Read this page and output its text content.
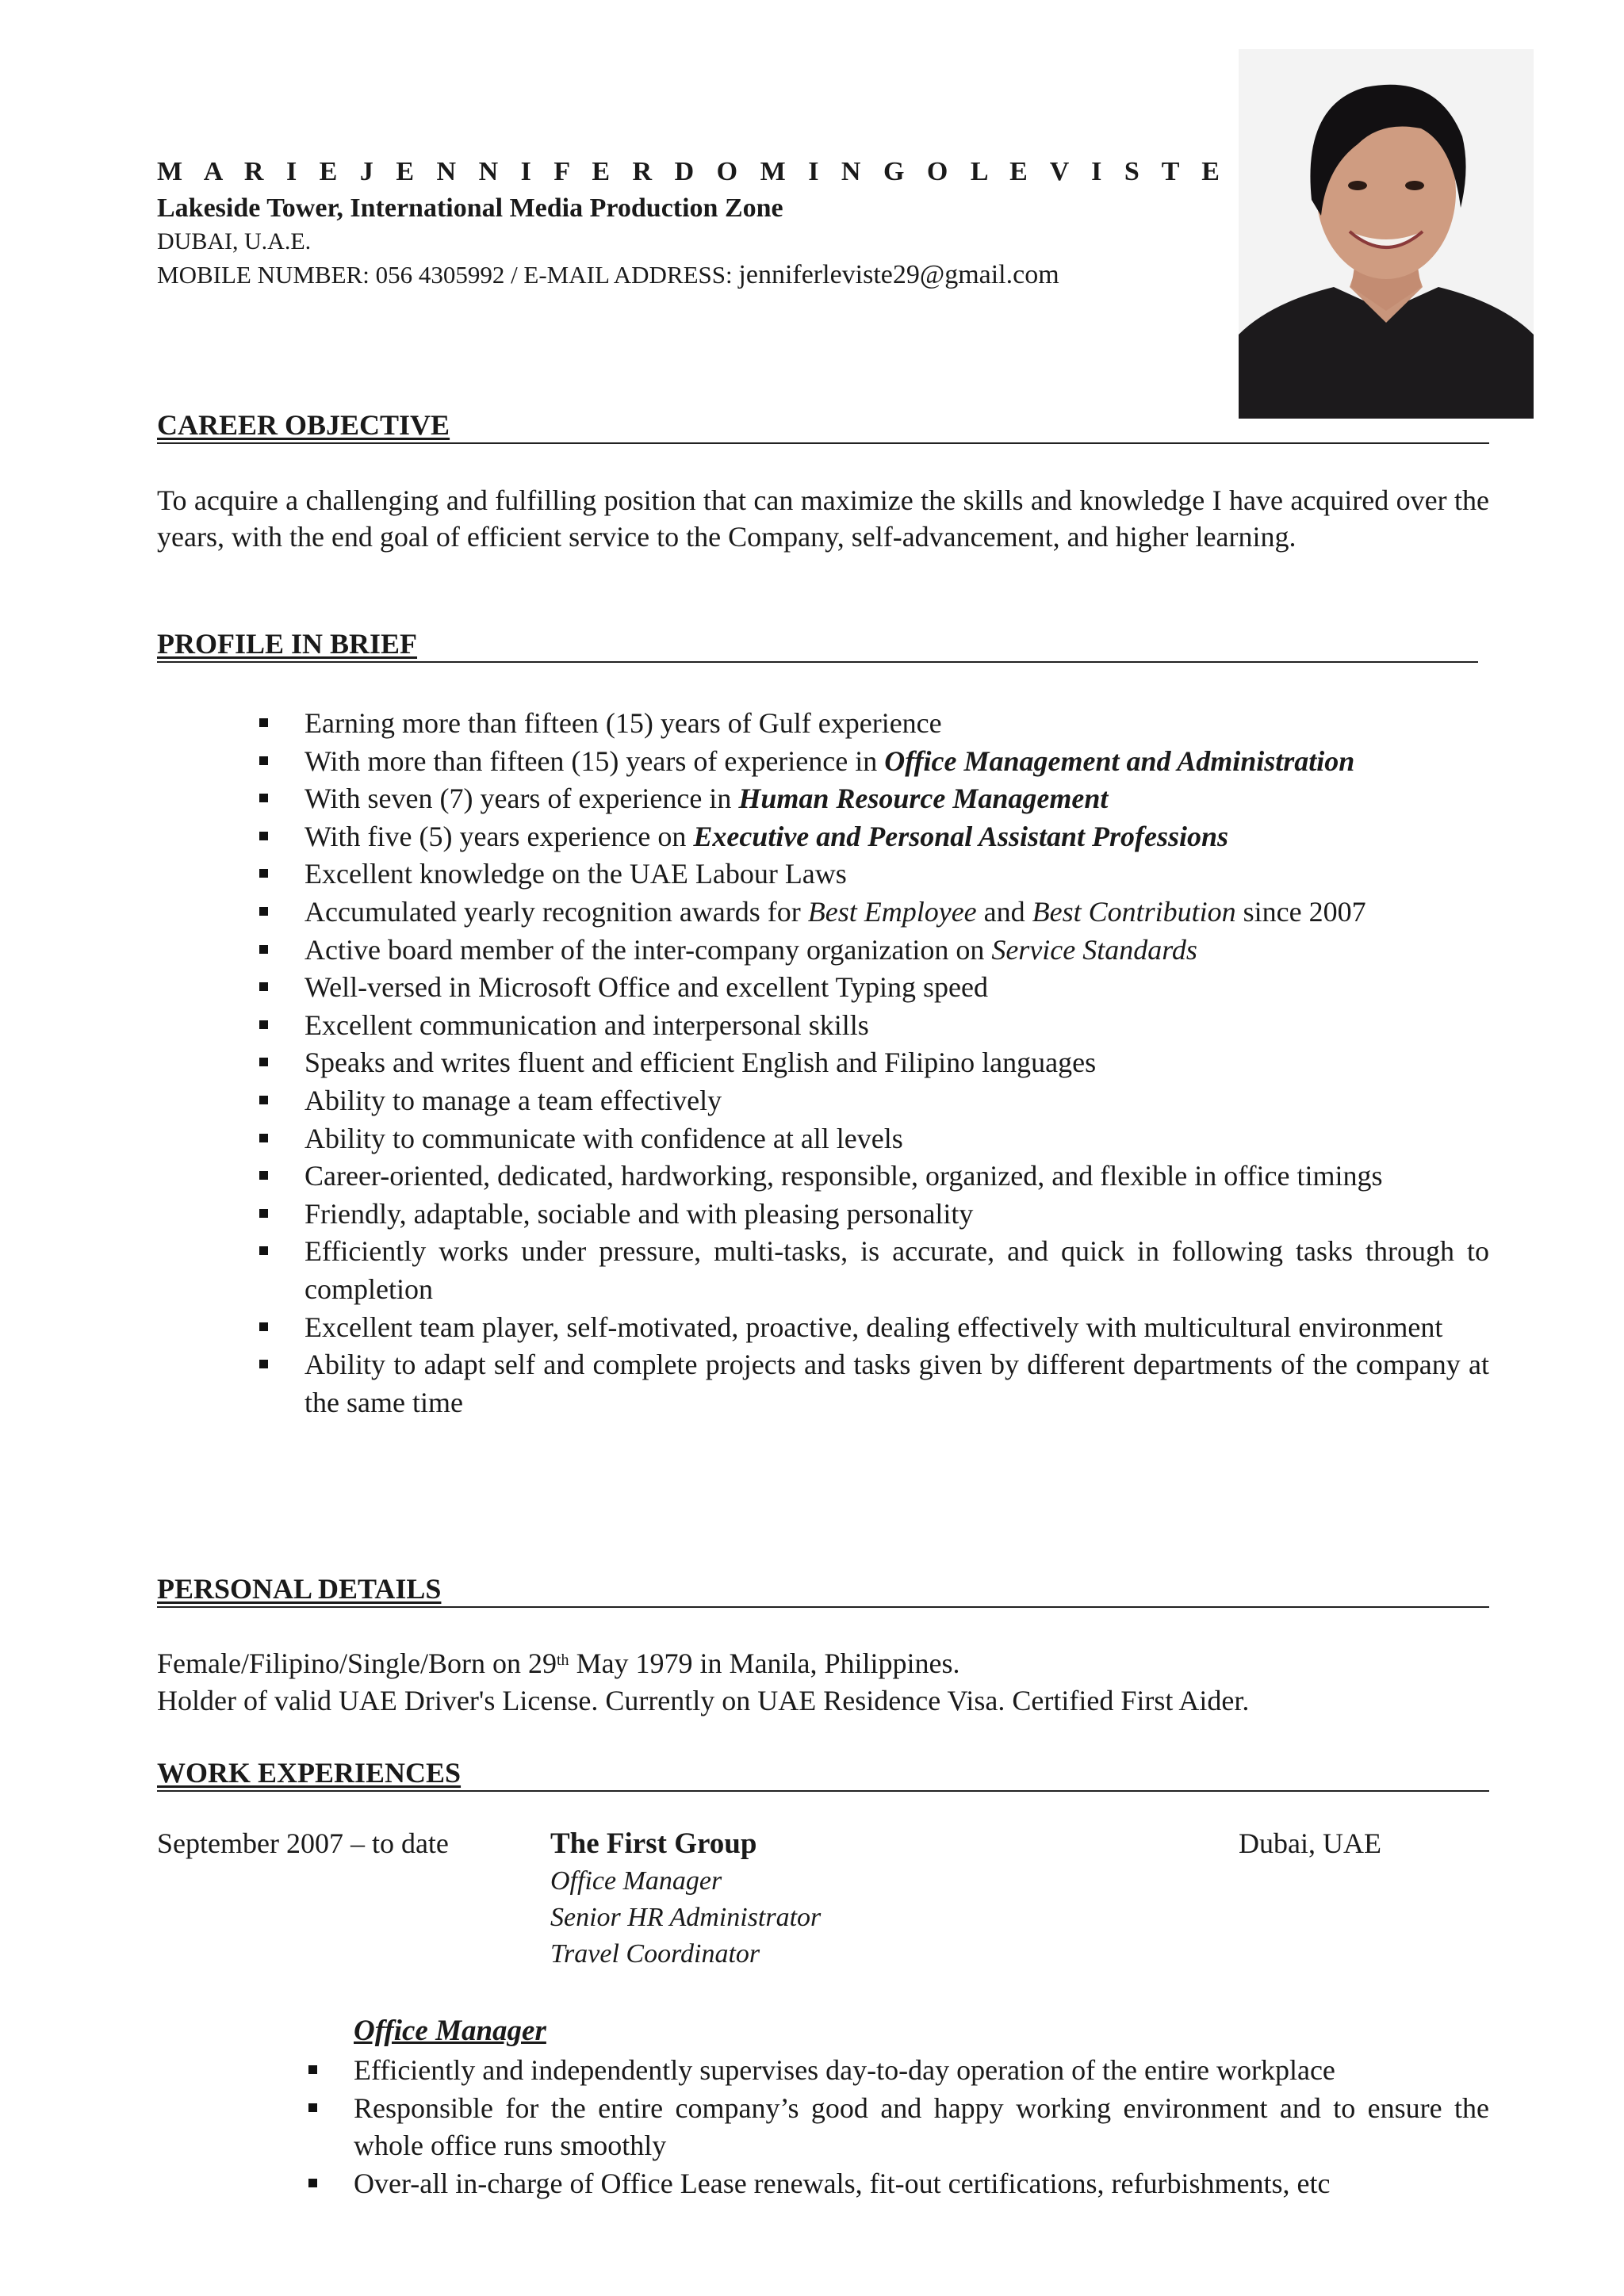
M A R I E J E N N I F E R D O M I N G O L E V I S T E
Lakeside Tower, International Media Production Zone
DUBAI, U.A.E.
MOBILE NUMBER: 056 4305992 / E-MAIL ADDRESS: jenniferleviste29@gmail.com
CAREER OBJECTIVE
To acquire a challenging and fulfilling position that can maximize the skills and knowledge I have acquired over the years, with the end goal of efficient service to the Company, self-advancement, and higher learning.
PROFILE IN BRIEF
Earning more than fifteen (15) years of Gulf experience
With more than fifteen (15) years of experience in Office Management and Administration
With seven (7) years of experience in Human Resource Management
With five (5) years experience on Executive and Personal Assistant Professions
Excellent knowledge on the UAE Labour Laws
Accumulated yearly recognition awards for Best Employee and Best Contribution since 2007
Active board member of the inter-company organization on Service Standards
Well-versed in Microsoft Office and excellent Typing speed
Excellent communication and interpersonal skills
Speaks and writes fluent and efficient English and Filipino languages
Ability to manage a team effectively
Ability to communicate with confidence at all levels
Career-oriented, dedicated, hardworking, responsible, organized, and flexible in office timings
Friendly, adaptable, sociable and with pleasing personality
Efficiently works under pressure, multi-tasks, is accurate, and quick in following tasks through to completion
Excellent team player, self-motivated, proactive, dealing effectively with multicultural environment
Ability to adapt self and complete projects and tasks given by different departments of the company at the same time
PERSONAL DETAILS
Female/Filipino/Single/Born on 29th May 1979 in Manila, Philippines.
Holder of valid UAE Driver's License. Currently on UAE Residence Visa. Certified First Aider.
WORK EXPERIENCES
September 2007 – to date	The First Group	Dubai, UAE
Office Manager
Senior HR Administrator
Travel Coordinator
Office Manager
Efficiently and independently supervises day-to-day operation of the entire workplace
Responsible for the entire company’s good and happy working environment and to ensure the whole office runs smoothly
Over-all in-charge of Office Lease renewals, fit-out certifications, refurbishments, etc
